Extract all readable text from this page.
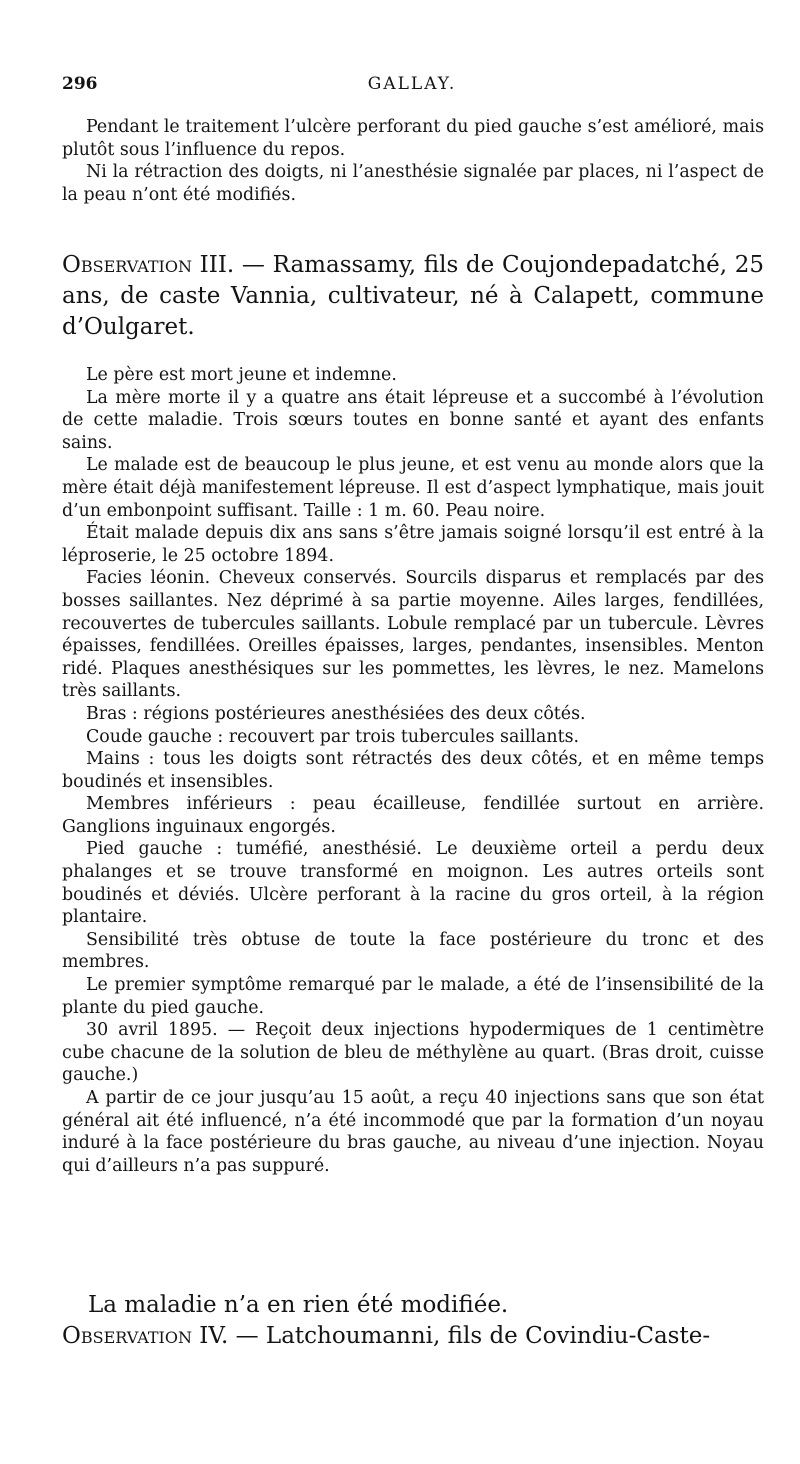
296	GALLAY.

Pendant le traitement l’ulcère perforant du pied gauche s’est amélioré, mais plutôt sous l’influence du repos.

Ni la rétraction des doigts, ni l’anesthésie signalée par places, ni l’aspect de la peau n’ont été modifiés.

Observation III. — Ramassamy, fils de Coujondepadatché, 25 ans, de caste Vannia, cultivateur, né à Calapett, commune d’Oulgaret.

Le père est mort jeune et indemne.

La mère morte il y a quatre ans était lépreuse et a succombé à l’évolution de cette maladie. Trois sœurs toutes en bonne santé et ayant des enfants sains.

Le malade est de beaucoup le plus jeune, et est venu au monde alors que la mère était déjà manifestement lépreuse. Il est d’aspect lymphatique, mais jouit d’un embonpoint suffisant. Taille : 1 m. 60. Peau noire.

Était malade depuis dix ans sans s’être jamais soigné lorsqu’il est entré à la léproserie, le 25 octobre 1894.

Facies léonin. Cheveux conservés. Sourcils disparus et remplacés par des bosses saillantes. Nez déprimé à sa partie moyenne. Ailes larges, fendillées, recouvertes de tubercules saillants. Lobule remplacé par un tubercule. Lèvres épaisses, fendillées. Oreilles épaisses, larges, pendantes, insensibles. Menton ridé. Plaques anesthésiques sur les pommettes, les lèvres, le nez. Mamelons très saillants.

Bras : régions postérieures anesthésiées des deux côtés.

Coude gauche : recouvert par trois tubercules saillants.

Mains : tous les doigts sont rétractés des deux côtés, et en même temps boudinés et insensibles.

Membres inférieurs : peau écailleuse, fendillée surtout en arrière. Ganglions inguinaux engorgés.

Pied gauche : tuméfié, anesthésié. Le deuxième orteil a perdu deux phalanges et se trouve transformé en moignon. Les autres orteils sont boudinés et déviés. Ulcère perforant à la racine du gros orteil, à la région plantaire.

Sensibilité très obtuse de toute la face postérieure du tronc et des membres.

Le premier symptôme remarqué par le malade, a été de l’insensibilité de la plante du pied gauche.

30 avril 1895. — Reçoit deux injections hypodermiques de 1 centimètre cube chacune de la solution de bleu de méthylène au quart. (Bras droit, cuisse gauche.)

A partir de ce jour jusqu’au 15 août, a reçu 40 injections sans que son état général ait été influencé, n’a été incommodé que par la formation d’un noyau induré à la face postérieure du bras gauche, au niveau d’une injection. Noyau qui d’ailleurs n’a pas suppuré.

La maladie n’a en rien été modifiée.

Observation IV. — Latchoumanni, fils de Covindiu-Caste-
